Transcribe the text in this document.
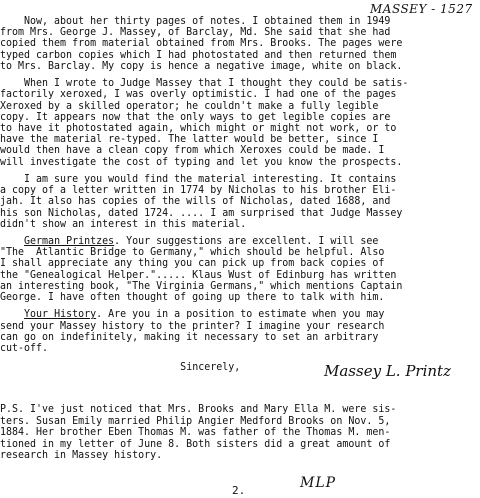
MASSEY - 1527
Now, about her thirty pages of notes. I obtained them in 1949
from Mrs. George J. Massey, of Barclay, Md. She said that she had
copied them from material obtained from Mrs. Brooks. The pages were
typed carbon copies which I had photostated and then returned them
to Mrs. Barclay. My copy is hence a negative image, white on black.
When I wrote to Judge Massey that I thought they could be satis-
factorily xeroxed, I was overly optimistic. I had one of the pages
Xeroxed by a skilled operator; he couldn't make a fully legible
copy. It appears now that the only ways to get legible copies are
to have it photostated again, which might or might not work, or to
have the material re-typed. The latter would be better, since I
would then have a clean copy from which Xeroxes could be made. I
will investigate the cost of typing and let you know the prospects.
I am sure you would find the material interesting. It contains
a copy of a letter written in 1774 by Nicholas to his brother Eli-
jah. It also has copies of the wills of Nicholas, dated 1688, and
his son Nicholas, dated 1724. .... I am surprised that Judge Massey
didn't show an interest in this material.
German Printzes. Your suggestions are excellent. I will see
"The  Atlantic Bridge to Germany," which should be helpful. Also
I shall appreciate any thing you can pick up from back copies of
the "Genealogical Helper."..... Klaus Wust of Edinburg has written
an interesting book, "The Virginia Germans," which mentions Captain
George. I have often thought of going up there to talk with him.
Your History. Are you in a position to estimate when you may
send your Massey history to the printer? I imagine your research
can go on indefinitely, making it necessary to set an arbitrary
cut-off.
Sincerely,	Massey L. Printz
P.S. I've just noticed that Mrs. Brooks and Mary Ella M. were sis-
ters. Susan Emily married Philip Angier Medford Brooks on Nov. 5,
1884. Her brother Eben Thomas M. was father of the Thomas M. men-
tioned in my letter of June 8. Both sisters did a great amount of
research in Massey history.
2.	MLP
